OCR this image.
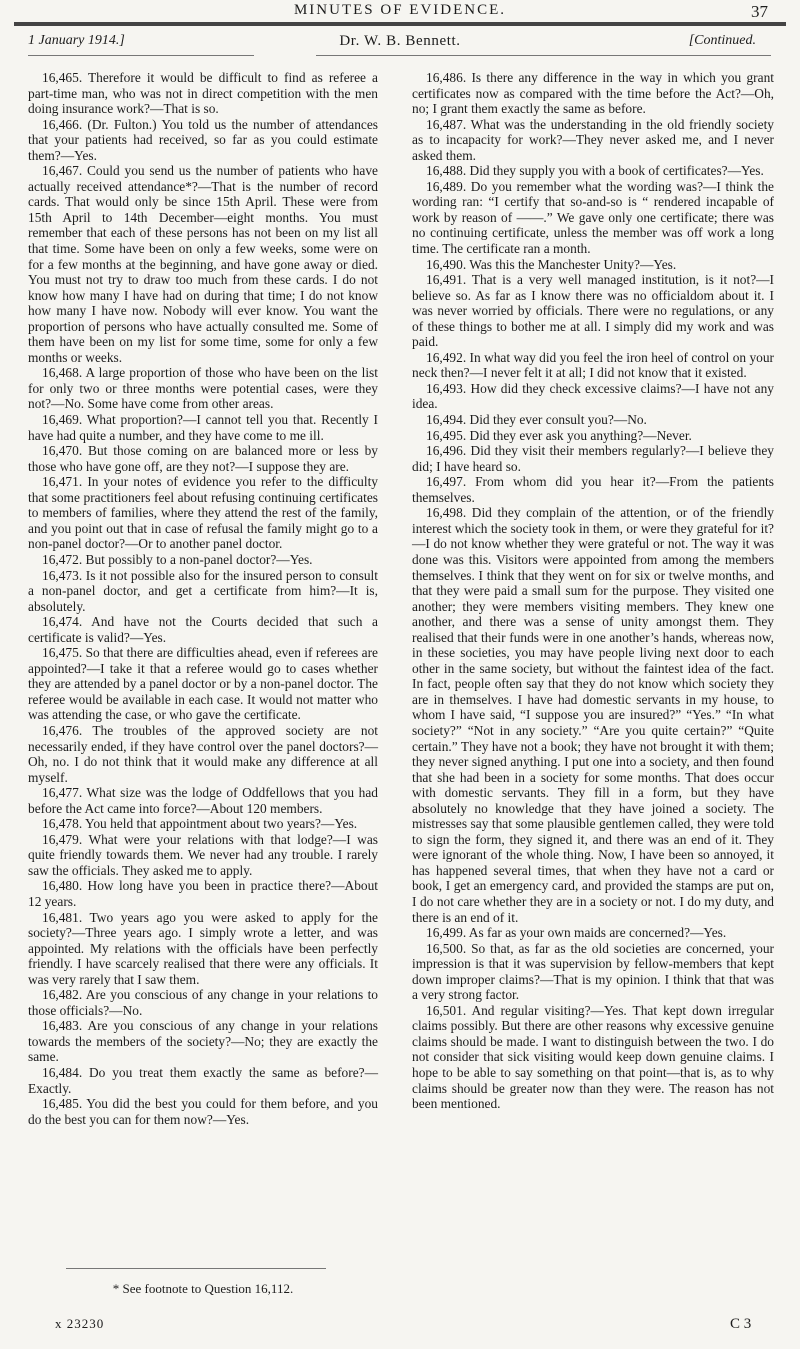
MINUTES OF EVIDENCE.	37
1 January 1914.]	Dr. W. B. Bennett.	[Continued.

16,465. Therefore it would be difficult to find as referee a part-time man, who was not in direct competition with the men doing insurance work?—That is so.

16,466. (Dr. Fulton.) You told us the number of attendances that your patients had received, so far as you could estimate them?—Yes.

16,467. Could you send us the number of patients who have actually received attendance*?—That is the number of record cards. That would only be since 15th April. These were from 15th April to 14th December—eight months. You must remember that each of these persons has not been on my list all that time. Some have been on only a few weeks, some were on for a few months at the beginning, and have gone away or died. You must not try to draw too much from these cards. I do not know how many I have had on during that time; I do not know how many I have now. Nobody will ever know. You want the proportion of persons who have actually consulted me. Some of them have been on my list for some time, some for only a few months or weeks.

16,468. A large proportion of those who have been on the list for only two or three months were potential cases, were they not?—No. Some have come from other areas.

16,469. What proportion?—I cannot tell you that. Recently I have had quite a number, and they have come to me ill.

16,470. But those coming on are balanced more or less by those who have gone off, are they not?—I suppose they are.

16,471. In your notes of evidence you refer to the difficulty that some practitioners feel about refusing continuing certificates to members of families, where they attend the rest of the family, and you point out that in case of refusal the family might go to a non-panel doctor?—Or to another panel doctor.

16,472. But possibly to a non-panel doctor?—Yes.

16,473. Is it not possible also for the insured person to consult a non-panel doctor, and get a certificate from him?—It is, absolutely.

16,474. And have not the Courts decided that such a certificate is valid?—Yes.

16,475. So that there are difficulties ahead, even if referees are appointed?—I take it that a referee would go to cases whether they are attended by a panel doctor or by a non-panel doctor. The referee would be available in each case. It would not matter who was attending the case, or who gave the certificate.

16,476. The troubles of the approved society are not necessarily ended, if they have control over the panel doctors?—Oh, no. I do not think that it would make any difference at all myself.

16,477. What size was the lodge of Oddfellows that you had before the Act came into force?—About 120 members.

16,478. You held that appointment about two years?—Yes.

16,479. What were your relations with that lodge?—I was quite friendly towards them. We never had any trouble. I rarely saw the officials. They asked me to apply.

16,480. How long have you been in practice there?—About 12 years.

16,481. Two years ago you were asked to apply for the society?—Three years ago. I simply wrote a letter, and was appointed. My relations with the officials have been perfectly friendly. I have scarcely realised that there were any officials. It was very rarely that I saw them.

16,482. Are you conscious of any change in your relations to those officials?—No.

16,483. Are you conscious of any change in your relations towards the members of the society?—No; they are exactly the same.

16,484. Do you treat them exactly the same as before?—Exactly.

16,485. You did the best you could for them before, and you do the best you can for them now?—Yes.

16,486. Is there any difference in the way in which you grant certificates now as compared with the time before the Act?—Oh, no; I grant them exactly the same as before.

16,487. What was the understanding in the old friendly society as to incapacity for work?—They never asked me, and I never asked them.

16,488. Did they supply you with a book of certificates?—Yes.

16,489. Do you remember what the wording was?—I think the wording ran: “I certify that so-and-so is “ rendered incapable of work by reason of ——.” We gave only one certificate; there was no continuing certificate, unless the member was off work a long time. The certificate ran a month.

16,490. Was this the Manchester Unity?—Yes.

16,491. That is a very well managed institution, is it not?—I believe so. As far as I know there was no officialdom about it. I was never worried by officials. There were no regulations, or any of these things to bother me at all. I simply did my work and was paid.

16,492. In what way did you feel the iron heel of control on your neck then?—I never felt it at all; I did not know that it existed.

16,493. How did they check excessive claims?—I have not any idea.

16,494. Did they ever consult you?—No.

16,495. Did they ever ask you anything?—Never.

16,496. Did they visit their members regularly?—I believe they did; I have heard so.

16,497. From whom did you hear it?—From the patients themselves.

16,498. Did they complain of the attention, or of the friendly interest which the society took in them, or were they grateful for it?—I do not know whether they were grateful or not. The way it was done was this. Visitors were appointed from among the members themselves. I think that they went on for six or twelve months, and that they were paid a small sum for the purpose. They visited one another; they were members visiting members. They knew one another, and there was a sense of unity amongst them. They realised that their funds were in one another’s hands, whereas now, in these societies, you may have people living next door to each other in the same society, but without the faintest idea of the fact. In fact, people often say that they do not know which society they are in themselves. I have had domestic servants in my house, to whom I have said, “I suppose you are insured?” “Yes.” “In what society?” “Not in any society.” “Are you quite certain?” “Quite certain.” They have not a book; they have not brought it with them; they never signed anything. I put one into a society, and then found that she had been in a society for some months. That does occur with domestic servants. They fill in a form, but they have absolutely no knowledge that they have joined a society. The mistresses say that some plausible gentlemen called, they were told to sign the form, they signed it, and there was an end of it. They were ignorant of the whole thing. Now, I have been so annoyed, it has happened several times, that when they have not a card or book, I get an emergency card, and provided the stamps are put on, I do not care whether they are in a society or not. I do my duty, and there is an end of it.

16,499. As far as your own maids are concerned?—Yes.

16,500. So that, as far as the old societies are concerned, your impression is that it was supervision by fellow-members that kept down improper claims?—That is my opinion. I think that that was a very strong factor.

16,501. And regular visiting?—Yes. That kept down irregular claims possibly. But there are other reasons why excessive genuine claims should be made. I want to distinguish between the two. I do not consider that sick visiting would keep down genuine claims. I hope to be able to say something on that point—that is, as to why claims should be greater now than they were. The reason has not been mentioned.

* See footnote to Question 16,112.

x 23230	C 3
